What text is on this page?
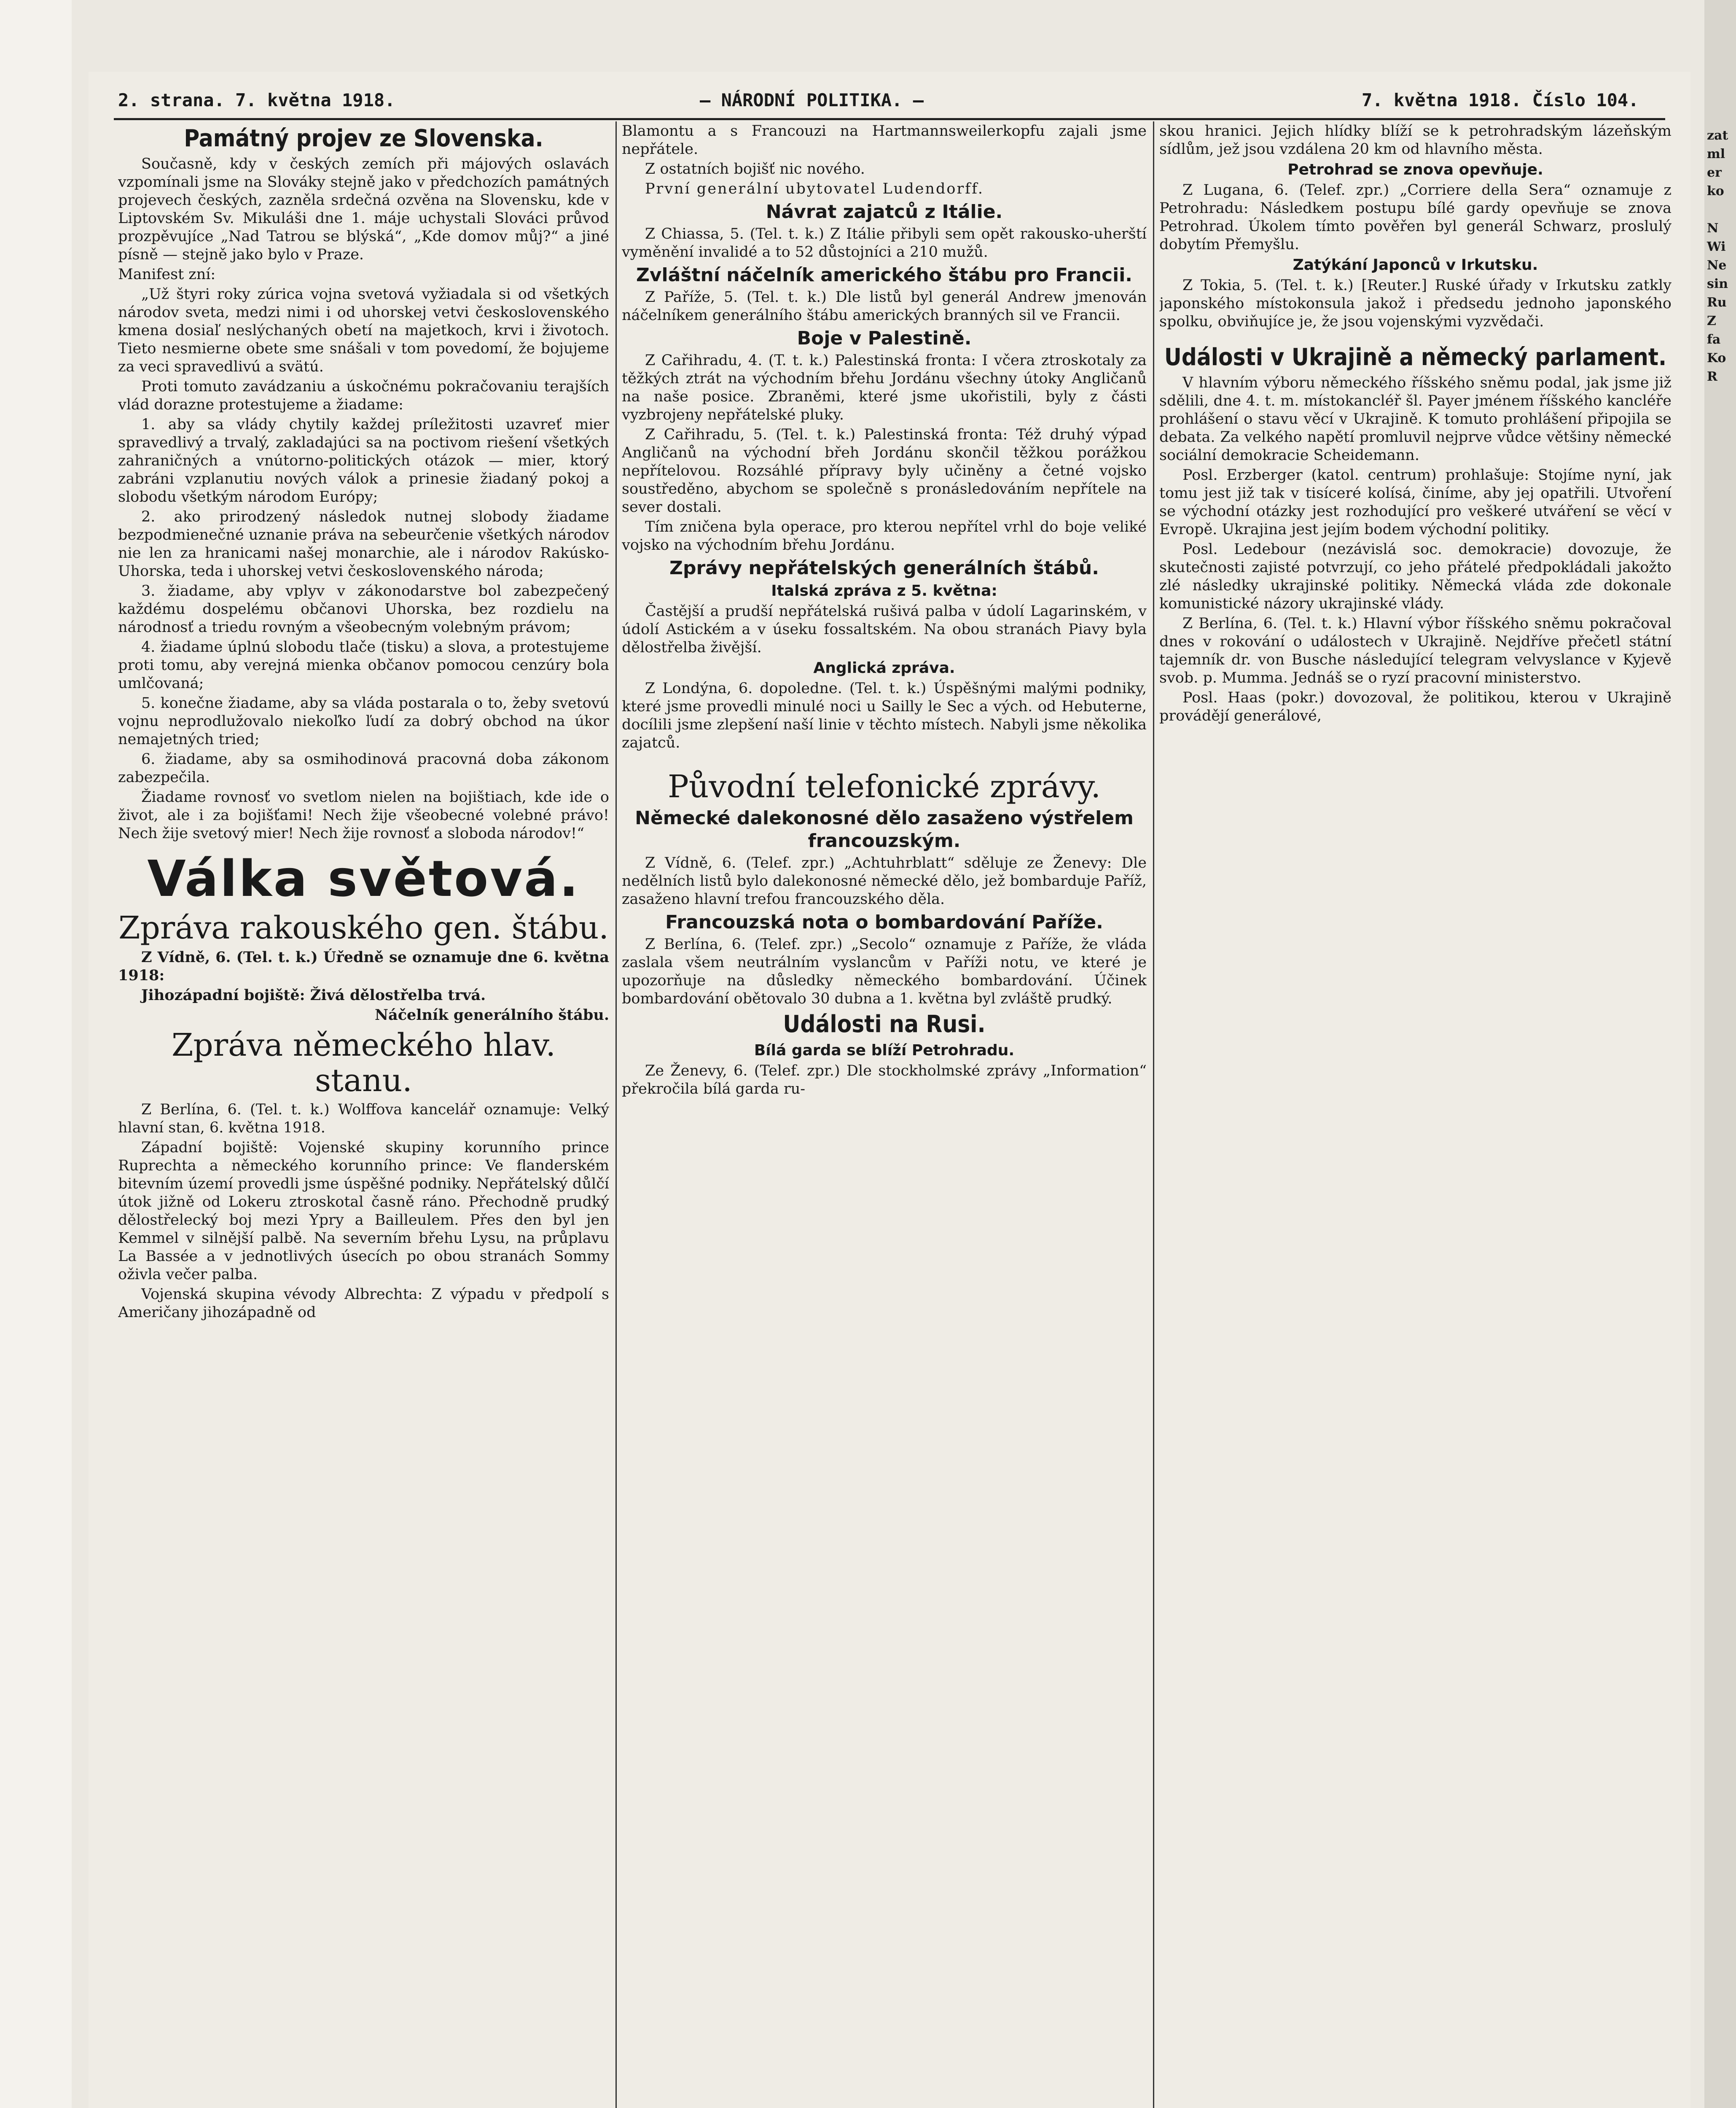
zat
ml
er
ko
N
Wi
Ne
sin
Ru
Z
fa
Ko
R
2. strana. 7. května 1918.	— NÁRODNÍ POLITIKA. —	7. května 1918. Číslo 104.
Památný projev ze Slovenska.

Současně, kdy v českých zemích při májových oslavách vzpomínali jsme na Slováky stejně jako v předchozích památných projevech českých, zazněla srdečná ozvěna na Slovensku, kde v Liptovském Sv. Mikuláši dne 1. máje uchystali Slováci průvod prozpěvujíce „Nad Tatrou se blýská“, „Kde domov můj?“ a jiné písně — stejně jako bylo v Praze.

Manifest zní:

„Už štyri roky zúrica vojna svetová vyžiadala si od všetkých národov sveta, medzi nimi i od uhorskej vetvi československého kmena dosiaľ neslýchaných obetí na majetkoch, krvi i životoch. Tieto nesmierne obete sme snášali v tom povedomí, že bojujeme za veci spravedlivú a svätú.

Proti tomuto zavádzaniu a úskočnému pokračovaniu terajších vlád dorazne protestujeme a žiadame:

1. aby sa vlády chytily každej príležitosti uzavreť mier spravedlivý a trvalý, zakladajúci sa na poctivom riešení všetkých zahraničných a vnútorno-politických otázok — mier, ktorý zabráni vzplanutiu nových válok a prinesie žiadaný pokoj a slobodu všetkým národom Európy;

2. ako prirodzený následok nutnej slobody žiadame bezpodmienečné uznanie práva na sebeurčenie všetkých národov nie len za hranicami našej monarchie, ale i národov Rakúsko-Uhorska, teda i uhorskej vetvi československého národa;

3. žiadame, aby vplyv v zákonodarstve bol zabezpečený každému dospelému občanovi Uhorska, bez rozdielu na národnosť a triedu rovným a všeobecným volebným právom;

4. žiadame úplnú slobodu tlače (tisku) a slova, a protestujeme proti tomu, aby verejná mienka občanov pomocou cenzúry bola umlčovaná;

5. konečne žiadame, aby sa vláda postarala o to, žeby svetovú vojnu neprodlužovalo niekoľko ľudí za dobrý obchod na úkor nemajetných tried;

6. žiadame, aby sa osmihodinová pracovná doba zákonom zabezpečila.

Žiadame rovnosť vo svetlom nielen na bojištiach, kde ide o život, ale i za bojišťami! Nech žije všeobecné volebné právo! Nech žije svetový mier! Nech žije rovnosť a sloboda národov!“

Válka světová.
Zpráva rakouského gen. štábu.

Z Vídně, 6. (Tel. t. k.) Úředně se oznamuje dne 6. května 1918:

Jihozápadní bojiště: Živá dělostřelba trvá.

Náčelník generálního štábu.

Zpráva německého hlav. stanu.

Z Berlína, 6. (Tel. t. k.) Wolffova kancelář oznamuje: Velký hlavní stan, 6. května 1918.

Západní bojiště: Vojenské skupiny korunního prince Ruprechta a německého korunního prince: Ve flanderském bitevním území provedli jsme úspěšné podniky. Nepřátelský důlčí útok jižně od Lokeru ztroskotal časně ráno. Přechodně prudký dělostřelecký boj mezi Ypry a Bailleulem. Přes den byl jen Kemmel v silnější palbě. Na severním břehu Lysu, na průplavu La Bassée a v jednotlivých úsecích po obou stranách Sommy oživla večer palba.

Vojenská skupina vévody Albrechta: Z výpadu v předpolí s Američany jihozápadně od

Blamontu a s Francouzi na Hartmannsweilerkopfu zajali jsme nepřátele.

Z ostatních bojišť nic nového.

První generální ubytovatel Ludendorff.

Návrat zajatců z Itálie.

Z Chiassa, 5. (Tel. t. k.) Z Itálie přibyli sem opět rakousko-uherští vyměnění invalidé a to 52 důstojníci a 210 mužů.

Zvláštní náčelník amerického štábu pro Francii.

Z Paříže, 5. (Tel. t. k.) Dle listů byl generál Andrew jmenován náčelníkem generálního štábu amerických branných sil ve Francii.

Boje v Palestině.

Z Cařihradu, 4. (T. t. k.) Palestinská fronta: I včera ztroskotaly za těžkých ztrát na východním břehu Jordánu všechny útoky Angličanů na naše posice. Zbraněmi, které jsme ukořistili, byly z části vyzbrojeny nepřátelské pluky.

Z Cařihradu, 5. (Tel. t. k.) Palestinská fronta: Též druhý výpad Angličanů na východní břeh Jordánu skončil těžkou porážkou nepřítelovou. Rozsáhlé přípravy byly učiněny a četné vojsko soustředěno, abychom se společně s pronásledováním nepřítele na sever dostali.

Tím zničena byla operace, pro kterou nepřítel vrhl do boje veliké vojsko na východním břehu Jordánu.

Zprávy nepřátelských generálních štábů.
Italská zpráva z 5. května:

Častější a prudší nepřátelská rušivá palba v údolí Lagarinském, v údolí Astickém a v úseku fossaltském. Na obou stranách Piavy byla dělostřelba živější.

Anglická zpráva.

Z Londýna, 6. dopoledne. (Tel. t. k.) Úspěšnými malými podniky, které jsme provedli minulé noci u Sailly le Sec a vých. od Hebuterne, docílili jsme zlepšení naší linie v těchto místech. Nabyli jsme několika zajatců.

Původní telefonické zprávy.
Německé dalekonosné dělo zasaženo výstřelem francouzským.

Z Vídně, 6. (Telef. zpr.) „Achtuhrblatt“ sděluje ze Ženevy: Dle nedělních listů bylo dalekonosné německé dělo, jež bombarduje Paříž, zasaženo hlavní trefou francouzského děla.

Francouzská nota o bombardování Paříže.

Z Berlína, 6. (Telef. zpr.) „Secolo“ oznamuje z Paříže, že vláda zaslala všem neutrálním vyslancům v Paříži notu, ve které je upozorňuje na důsledky německého bombardování. Účinek bombardování obětovalo 30 dubna a 1. května byl zvláště prudký.

Události na Rusi.
Bílá garda se blíží Petrohradu.

Ze Ženevy, 6. (Telef. zpr.) Dle stockholmské zprávy „Information“ překročila bílá garda ru-

skou hranici. Jejich hlídky blíží se k petrohradským lázeňským sídlům, jež jsou vzdálena 20 km od hlavního města.

Petrohrad se znova opevňuje.

Z Lugana, 6. (Telef. zpr.) „Corriere della Sera“ oznamuje z Petrohradu: Následkem postupu bílé gardy opevňuje se znova Petrohrad. Úkolem tímto pověřen byl generál Schwarz, proslulý dobytím Přemyšlu.

Zatýkání Japonců v Irkutsku.

Z Tokia, 5. (Tel. t. k.) [Reuter.] Ruské úřady v Irkutsku zatkly japonského místokonsula jakož i předsedu jednoho japonského spolku, obviňujíce je, že jsou vojenskými vyzvědači.

Události v Ukrajině a německý parlament.

V hlavním výboru německého říšského sněmu podal, jak jsme již sdělili, dne 4. t. m. místokancléř šl. Payer jménem říšského kancléře prohlášení o stavu věcí v Ukrajině. K tomuto prohlášení připojila se debata. Za velkého napětí promluvil nejprve vůdce většiny německé sociální demokracie Scheidemann.

Posl. Erzberger (katol. centrum) prohlašuje: Stojíme nyní, jak tomu jest již tak v tisíceré kolísá, činíme, aby jej opatřili. Utvoření se východní otázky jest rozhodující pro veškeré utváření se věcí v Evropě. Ukrajina jest jejím bodem východní politiky.

Posl. Ledebour (nezávislá soc. demokracie) dovozuje, že skutečnosti zajisté potvrzují, co jeho přátelé předpokládali jakožto zlé následky ukrajinské politiky. Německá vláda zde dokonale komunistické názory ukrajinské vlády.

Z Berlína, 6. (Tel. t. k.) Hlavní výbor říšského sněmu pokračoval dnes v rokování o událostech v Ukrajině. Nejdříve přečetl státní tajemník dr. von Busche následující telegram velvyslance v Kyjevě svob. p. Mumma. Jednáš se o ryzí pracovní ministerstvo.

Posl. Haas (pokr.) dovozoval, že politikou, kterou v Ukrajině provádějí generálové,
